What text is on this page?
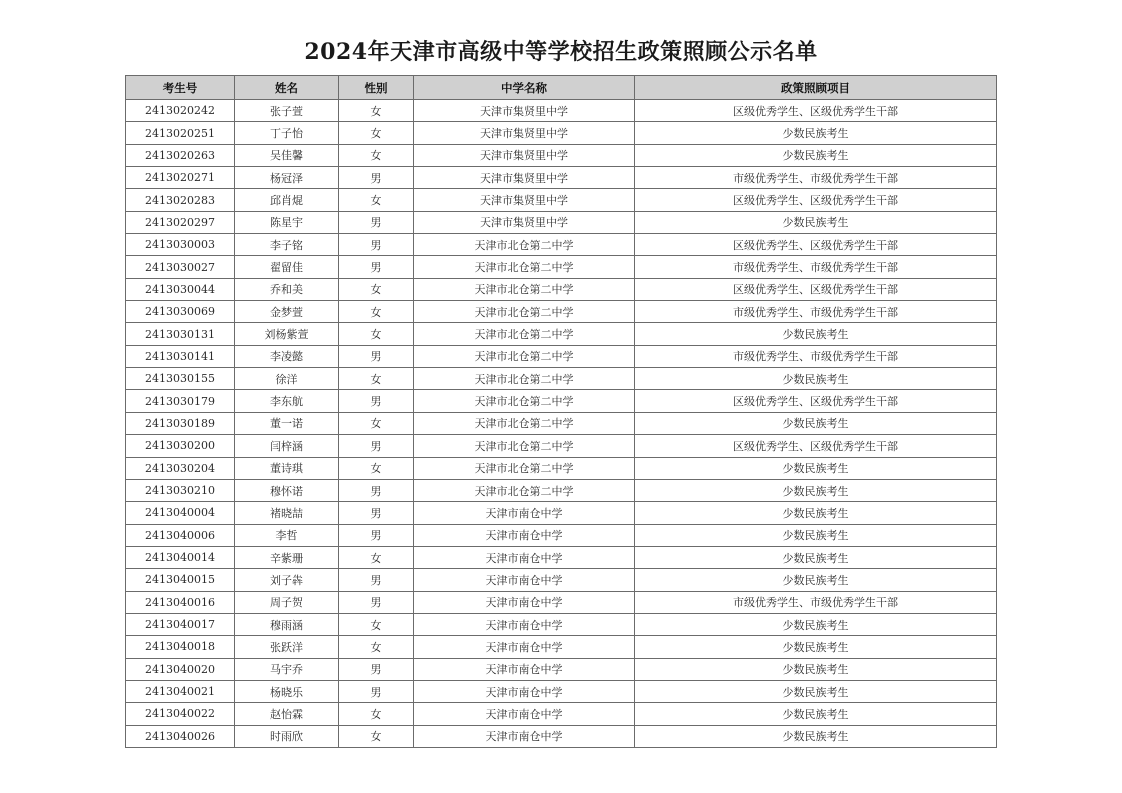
2024年天津市高级中等学校招生政策照顾公示名单
考生号	姓名	性别	中学名称	政策照顾项目
2413020242	张子萱	女	天津市集贤里中学	区级优秀学生、区级优秀学生干部
2413020251	丁子怡	女	天津市集贤里中学	少数民族考生
2413020263	吴佳馨	女	天津市集贤里中学	少数民族考生
2413020271	杨冠泽	男	天津市集贤里中学	市级优秀学生、市级优秀学生干部
2413020283	邱肖焜	女	天津市集贤里中学	区级优秀学生、区级优秀学生干部
2413020297	陈星宇	男	天津市集贤里中学	少数民族考生
2413030003	李子铭	男	天津市北仓第二中学	区级优秀学生、区级优秀学生干部
2413030027	翟留佳	男	天津市北仓第二中学	市级优秀学生、市级优秀学生干部
2413030044	乔和美	女	天津市北仓第二中学	区级优秀学生、区级优秀学生干部
2413030069	金梦萱	女	天津市北仓第二中学	市级优秀学生、市级优秀学生干部
2413030131	刘杨紫萱	女	天津市北仓第二中学	少数民族考生
2413030141	李凌懿	男	天津市北仓第二中学	市级优秀学生、市级优秀学生干部
2413030155	徐洋	女	天津市北仓第二中学	少数民族考生
2413030179	李东航	男	天津市北仓第二中学	区级优秀学生、区级优秀学生干部
2413030189	董一诺	女	天津市北仓第二中学	少数民族考生
2413030200	闫梓涵	男	天津市北仓第二中学	区级优秀学生、区级优秀学生干部
2413030204	董诗琪	女	天津市北仓第二中学	少数民族考生
2413030210	穆怀诺	男	天津市北仓第二中学	少数民族考生
2413040004	褚晓喆	男	天津市南仓中学	少数民族考生
2413040006	李哲	男	天津市南仓中学	少数民族考生
2413040014	辛紫珊	女	天津市南仓中学	少数民族考生
2413040015	刘子犇	男	天津市南仓中学	少数民族考生
2413040016	周子贺	男	天津市南仓中学	市级优秀学生、市级优秀学生干部
2413040017	穆雨涵	女	天津市南仓中学	少数民族考生
2413040018	张跃洋	女	天津市南仓中学	少数民族考生
2413040020	马宇乔	男	天津市南仓中学	少数民族考生
2413040021	杨晓乐	男	天津市南仓中学	少数民族考生
2413040022	赵怡霖	女	天津市南仓中学	少数民族考生
2413040026	时雨欣	女	天津市南仓中学	少数民族考生
